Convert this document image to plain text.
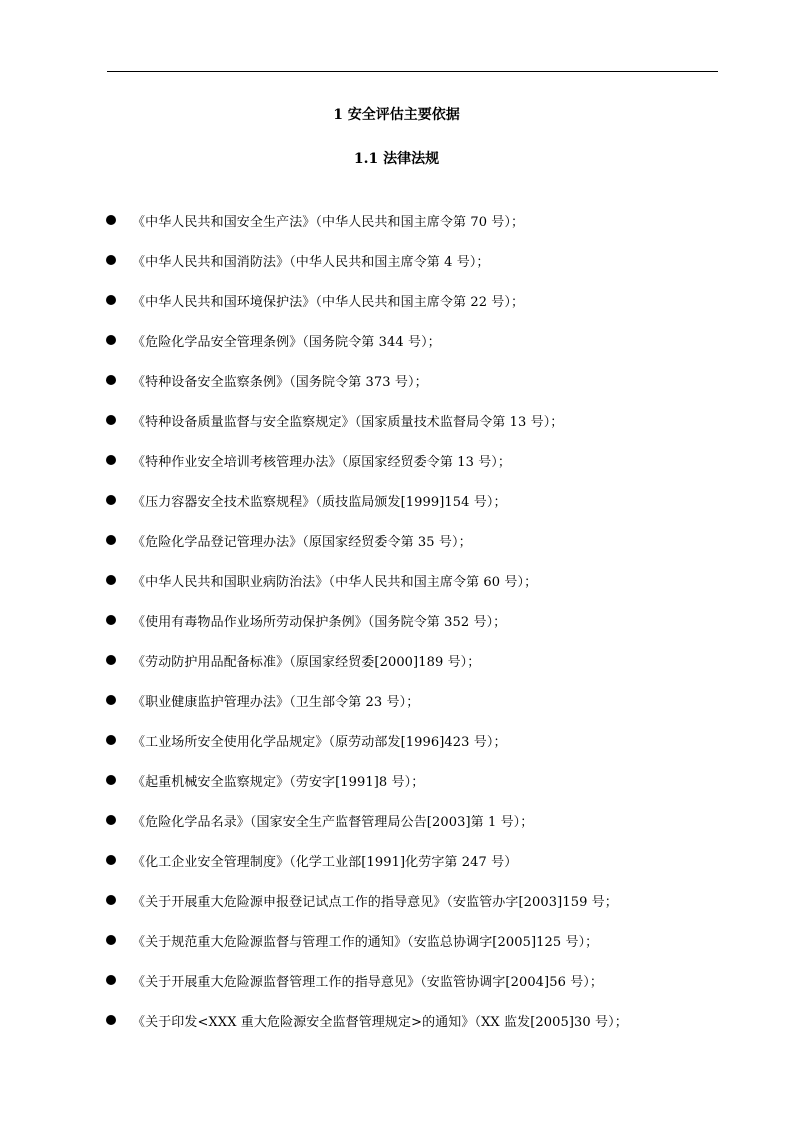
1 安全评估主要依据
1.1 法律法规
《中华人民共和国安全生产法》（中华人民共和国主席令第 70 号）；
《中华人民共和国消防法》（中华人民共和国主席令第 4 号）；
《中华人民共和国环境保护法》（中华人民共和国主席令第 22 号）；
《危险化学品安全管理条例》（国务院令第 344 号）；
《特种设备安全监察条例》（国务院令第 373 号）；
《特种设备质量监督与安全监察规定》（国家质量技术监督局令第 13 号）；
《特种作业安全培训考核管理办法》（原国家经贸委令第 13 号）；
《压力容器安全技术监察规程》（质技监局颁发[1999]154 号）；
《危险化学品登记管理办法》（原国家经贸委令第 35 号）；
《中华人民共和国职业病防治法》（中华人民共和国主席令第 60 号）；
《使用有毒物品作业场所劳动保护条例》（国务院令第 352 号）；
《劳动防护用品配备标准》（原国家经贸委[2000]189 号）；
《职业健康监护管理办法》（卫生部令第 23 号）；
《工业场所安全使用化学品规定》（原劳动部发[1996]423 号）；
《起重机械安全监察规定》（劳安字[1991]8 号）；
《危险化学品名录》（国家安全生产监督管理局公告[2003]第 1 号）；
《化工企业安全管理制度》（化学工业部[1991]化劳字第 247 号）
《关于开展重大危险源申报登记试点工作的指导意见》（安监管办字[2003]159 号；
《关于规范重大危险源监督与管理工作的通知》（安监总协调字[2005]125 号）；
《关于开展重大危险源监督管理工作的指导意见》（安监管协调字[2004]56 号）；
《关于印发<XXX 重大危险源安全监督管理规定>的通知》（XX 监发[2005]30 号）；
